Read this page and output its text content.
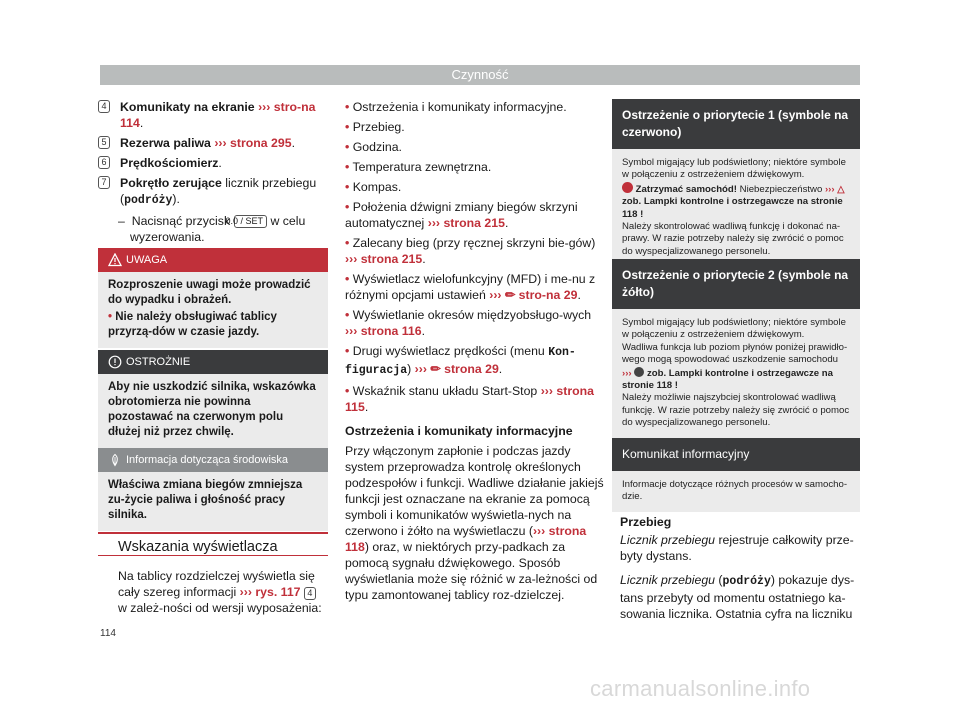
Czynność
4 Komunikaty na ekranie ››› stro-na 114.
5 Rezerwa paliwa ››› strona 295.
6 Prędkościomierz.
7 Pokrętło zerujące licznik przebiegu (podróży).
– Nacisnąć przycisk 0.0 / SET w celu wyzerowania.
UWAGA
Rozproszenie uwagi może prowadzić do wypadku i obrażeń.
• Nie należy obsługiwać tablicy przyrzą-dów w czasie jazdy.
OSTROŻNIE
Aby nie uszkodzić silnika, wskazówka obrotomierza nie powinna pozostawać na czerwonym polu dłużej niż przez chwilę.
Informacja dotycząca środowiska
Właściwa zmiana biegów zmniejsza zu-życie paliwa i głośność pracy silnika.
Wskazania wyświetlacza
Na tablicy rozdzielczej wyświetla się cały szereg informacji ››› rys. 117 4 w zależ-ności od wersji wyposażenia:
• Ostrzeżenia i komunikaty informacyjne.
• Przebieg.
• Godzina.
• Temperatura zewnętrzna.
• Kompas.
• Położenia dźwigni zmiany biegów skrzyni automatycznej ››› strona 215.
• Zalecany bieg (przy ręcznej skrzyni bie-gów) ››› strona 215.
• Wyświetlacz wielofunkcyjny (MFD) i me-nu z różnymi opcjami ustawień ››› ✏ stro-na 29.
• Wyświetlanie okresów międzyobsługo-wych ››› strona 116.
• Drugi wyświetlacz prędkości (menu Kon-figuracja) ››› ✏ strona 29.
• Wskaźnik stanu układu Start-Stop ››› strona 115.
Ostrzeżenia i komunikaty informacyjne
Przy włączonym zapłonie i podczas jazdy system przeprowadza kontrolę określonych podzespołów i funkcji. Wadliwe działanie jakiejś funkcji jest oznaczane na ekranie za pomocą symboli i komunikatów wyświetla-nych na czerwono i żółto na wyświetlaczu (››› strona 118) oraz, w niektórych przy-padkach za pomocą sygnału dźwiękowego. Sposób wyświetlania może się różnić w za-leżności od typu zamontowanej tablicy roz-dzielczej.
Ostrzeżenie o priorytecie 1 (symbole na czerwono)
Symbol migający lub podświetlony; niektóre symbole w połączeniu z ostrzeżeniem dźwiękowym.
Zatrzymać samochód! Niebezpieczeństwo ››› △
zob. Lampki kontrolne i ostrzegawcze na stronie 118 !
Należy skontrolować wadliwą funkcję i dokonać na-prawy. W razie potrzeby należy się zwrócić o pomoc do wyspecjalizowanego personelu.
Ostrzeżenie o priorytecie 2 (symbole na żółto)
Symbol migający lub podświetlony; niektóre symbole w połączeniu z ostrzeżeniem dźwiękowym.
Wadliwa funkcja lub poziom płynów poniżej prawidło-wego mogą spowodować uszkodzenie samochodu
››› zob. Lampki kontrolne i ostrzegawcze na stronie 118 !
Należy możliwie najszybciej skontrolować wadliwą funkcję. W razie potrzeby należy się zwrócić o pomoc do wyspecjalizowanego personelu.
Komunikat informacyjny
Informacje dotyczące różnych procesów w samocho-dzie.
Przebieg
Licznik przebiegu rejestruje całkowity prze-byty dystans.
Licznik przebiegu (podróży) pokazuje dys-tans przebyty od momentu ostatniego ka-sowania licznika. Ostatnia cyfra na liczniku
114
carmanualsonline.info
